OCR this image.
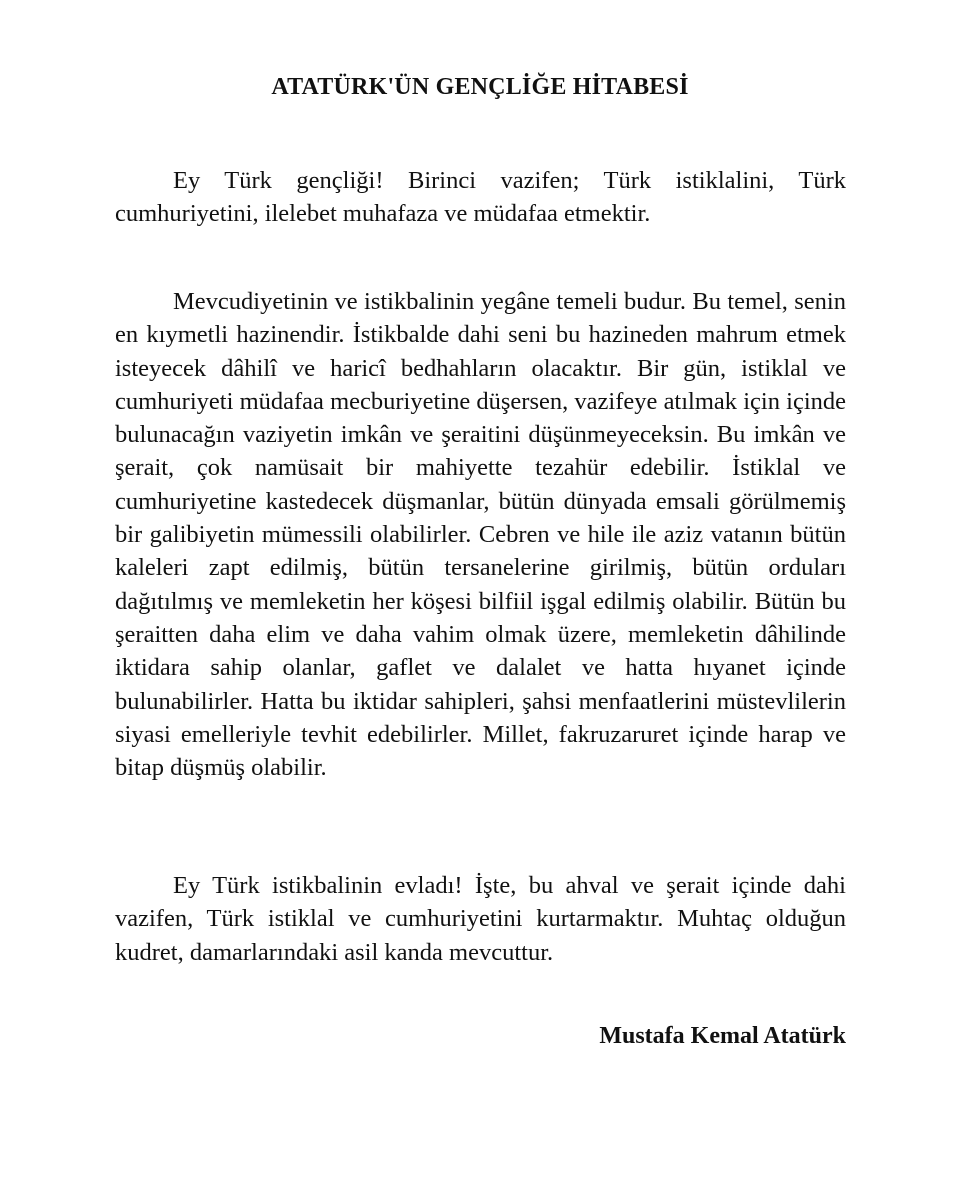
ATATÜRK'ÜN GENÇLİĞE HİTABESİ

Ey Türk gençliği! Birinci vazifen; Türk istiklalini, Türk cumhuriyetini, ilelebet muhafaza ve müdafaa etmektir.

Mevcudiyetinin ve istikbalinin yegâne temeli budur. Bu temel, senin en kıymetli hazinendir. İstikbalde dahi seni bu hazineden mahrum etmek isteyecek dâhilî ve haricî bedhahların olacaktır. Bir gün, istiklal ve cumhuriyeti müdafaa mecburiyetine düşersen, vazifeye atılmak için içinde bulunacağın vaziyetin imkân ve şeraitini düşünmeyeceksin. Bu imkân ve şerait, çok namüsait bir mahiyette tezahür edebilir. İstiklal ve cumhuriyetine kastedecek düşmanlar, bütün dünyada emsali görülmemiş bir galibiyetin mümessili olabilirler. Cebren ve hile ile aziz vatanın bütün kaleleri zapt edilmiş, bütün tersanelerine girilmiş, bütün orduları dağıtılmış ve memleketin her köşesi bilfiil işgal edilmiş olabilir. Bütün bu şeraitten daha elim ve daha vahim olmak üzere, memleketin dâhilinde iktidara sahip olanlar, gaflet ve dalalet ve hatta hıyanet içinde bulunabilirler. Hatta bu iktidar sahipleri, şahsi menfaatlerini müstevlilerin siyasi emelleriyle tevhit edebilirler. Millet, fakruzaruret içinde harap ve bitap düşmüş olabilir.

Ey Türk istikbalinin evladı! İşte, bu ahval ve şerait içinde dahi vazifen, Türk istiklal ve cumhuriyetini kurtarmaktır. Muhtaç olduğun kudret, damarlarındaki asil kanda mevcuttur.

Mustafa Kemal Atatürk
